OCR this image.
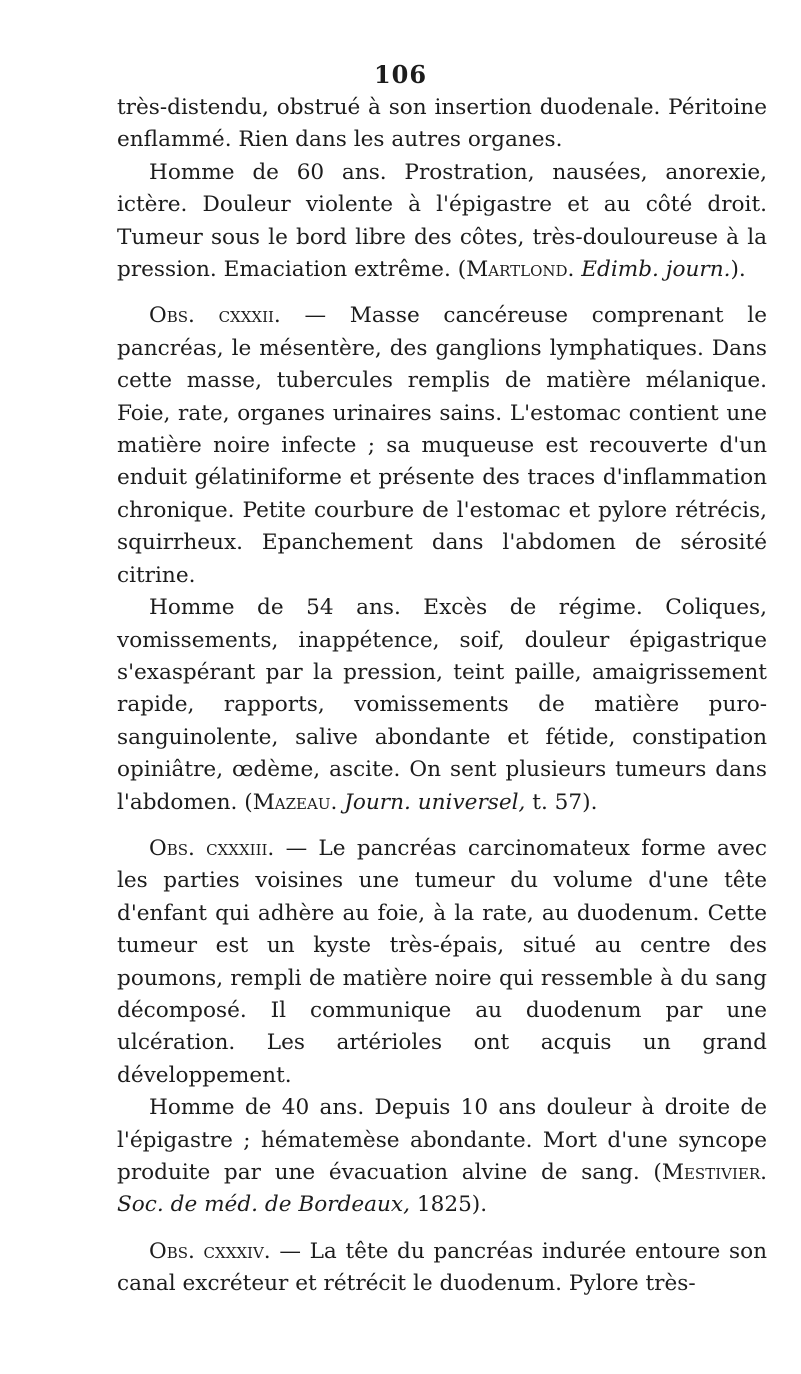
106

très-distendu, obstrué à son insertion duodenale. Péritoine enflammé. Rien dans les autres organes.

Homme de 60 ans. Prostration, nausées, anorexie, ictère. Douleur violente à l'épigastre et au côté droit. Tumeur sous le bord libre des côtes, très-douloureuse à la pression. Emaciation extrême. (Martlond. Edimb. journ.).

Obs. cxxxii. — Masse cancéreuse comprenant le pancréas, le mésentère, des ganglions lymphatiques. Dans cette masse, tubercules remplis de matière mélanique. Foie, rate, organes urinaires sains. L'estomac contient une matière noire infecte ; sa muqueuse est recouverte d'un enduit gélatiniforme et présente des traces d'inflammation chronique. Petite courbure de l'estomac et pylore rétrécis, squirrheux. Epanchement dans l'abdomen de sérosité citrine.

Homme de 54 ans. Excès de régime. Coliques, vomissements, inappétence, soif, douleur épigastrique s'exaspérant par la pression, teint paille, amaigrissement rapide, rapports, vomissements de matière puro-sanguinolente, salive abondante et fétide, constipation opiniâtre, œdème, ascite. On sent plusieurs tumeurs dans l'abdomen. (Mazeau. Journ. universel, t. 57).

Obs. cxxxiii. — Le pancréas carcinomateux forme avec les parties voisines une tumeur du volume d'une tête d'enfant qui adhère au foie, à la rate, au duodenum. Cette tumeur est un kyste très-épais, situé au centre des poumons, rempli de matière noire qui ressemble à du sang décomposé. Il communique au duodenum par une ulcération. Les artérioles ont acquis un grand développement.

Homme de 40 ans. Depuis 10 ans douleur à droite de l'épigastre ; hématemèse abondante. Mort d'une syncope produite par une évacuation alvine de sang. (Mestivier. Soc. de méd. de Bordeaux, 1825).

Obs. cxxxiv. — La tête du pancréas indurée entoure son canal excréteur et rétrécit le duodenum. Pylore très-
